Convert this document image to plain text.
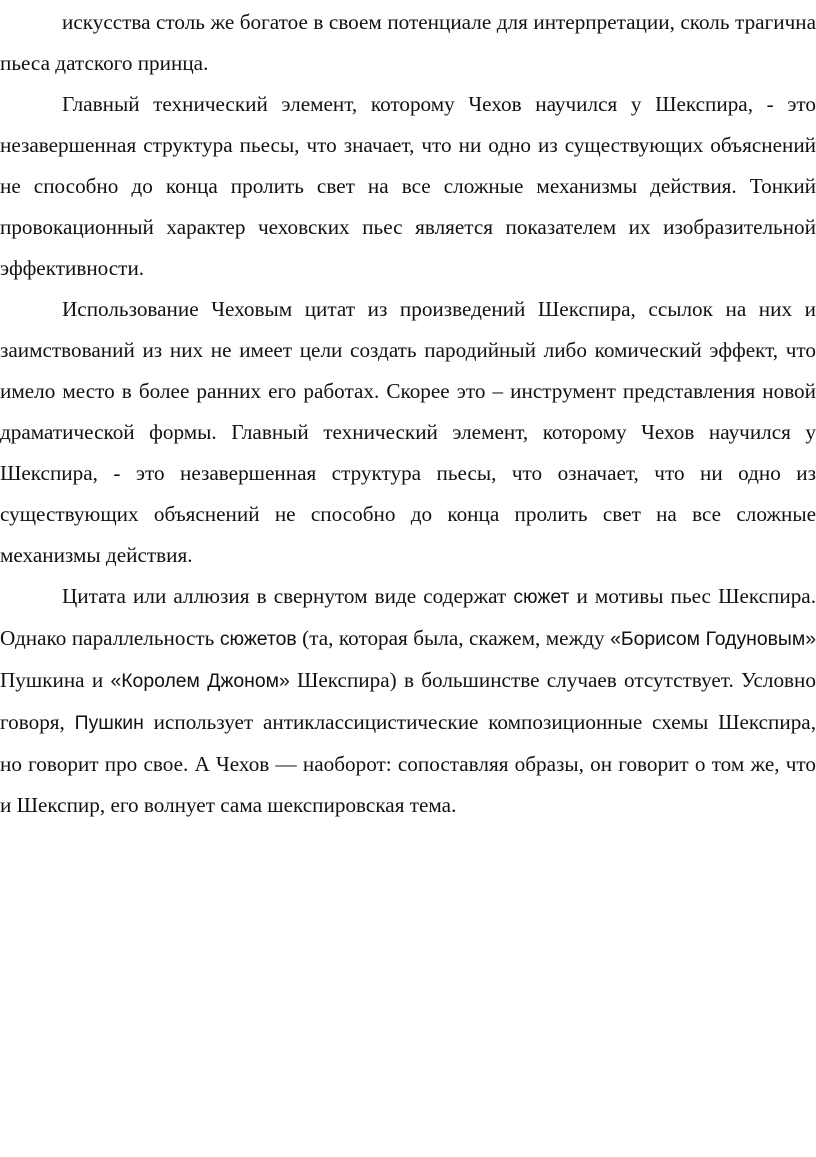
искусства столь же богатое в своем потенциале для интерпретации, сколь трагична пьеса датского принца.

Главный технический элемент, которому Чехов научился у Шекспира, - это незавершенная структура пьесы, что значает, что ни одно из существующих объяснений не способно до конца пролить свет на все сложные механизмы действия. Тонкий провокационный характер чеховских пьес является показателем их изобразительной эффективности.

Использование Чеховым цитат из произведений Шекспира, ссылок на них и заимствований из них не имеет цели создать пародийный либо комический эффект, что имело место в более ранних его работах. Скорее это – инструмент представления новой драматической формы. Главный технический элемент, которому Чехов научился у Шекспира, - это незавершенная структура пьесы, что означает, что ни одно из существующих объяснений не способно до конца пролить свет на все сложные механизмы действия.

Цитата или аллюзия в свернутом виде содержат сюжет и мотивы пьес Шекспира. Однако параллельность сюжетов (та, которая была, скажем, между «Борисом Годуновым» Пушкина и «Королем Джоном» Шекспира) в большинстве случаев отсутствует. Условно говоря, Пушкин использует антиклассицистические композиционные схемы Шекспира, но говорит про свое. А Чехов — наоборот: сопоставляя образы, он говорит о том же, что и Шекспир, его волнует сама шекспировская тема.
